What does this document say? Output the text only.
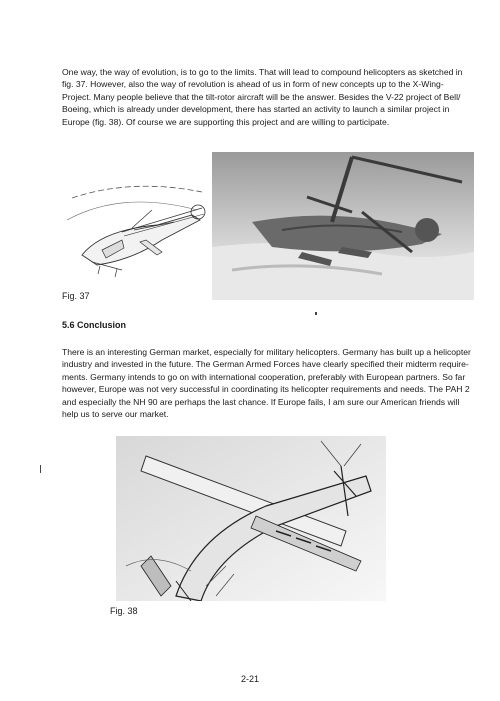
One way, the way of evolution, is to go to the limits. That will lead to compound helicopters as sketched in fig. 37. However, also the way of revolution is ahead of us in form of new concepts up to the X-Wing-Project. Many people believe that the tilt-rotor aircraft will be the answer. Besides the V-22 project of Bell/ Boeing, which is already under development, there has started an activity to launch a similar project in Europe (fig. 38). Of course we are supporting this project and are willing to participate.

Fig. 37

5.6 Conclusion

There is an interesting German market, especially for military helicopters. Germany has built up a helicopter industry and invested in the future. The German Armed Forces have clearly specified their midterm require-ments. Germany intends to go on with international cooperation, preferably with European partners. So far however, Europe was not very successful in coordinating its helicopter requirements and needs. The PAH 2 and especially the NH 90 are perhaps the last chance. If Europe fails, I am sure our American friends will help us to serve our market.

Fig. 38

2-21
